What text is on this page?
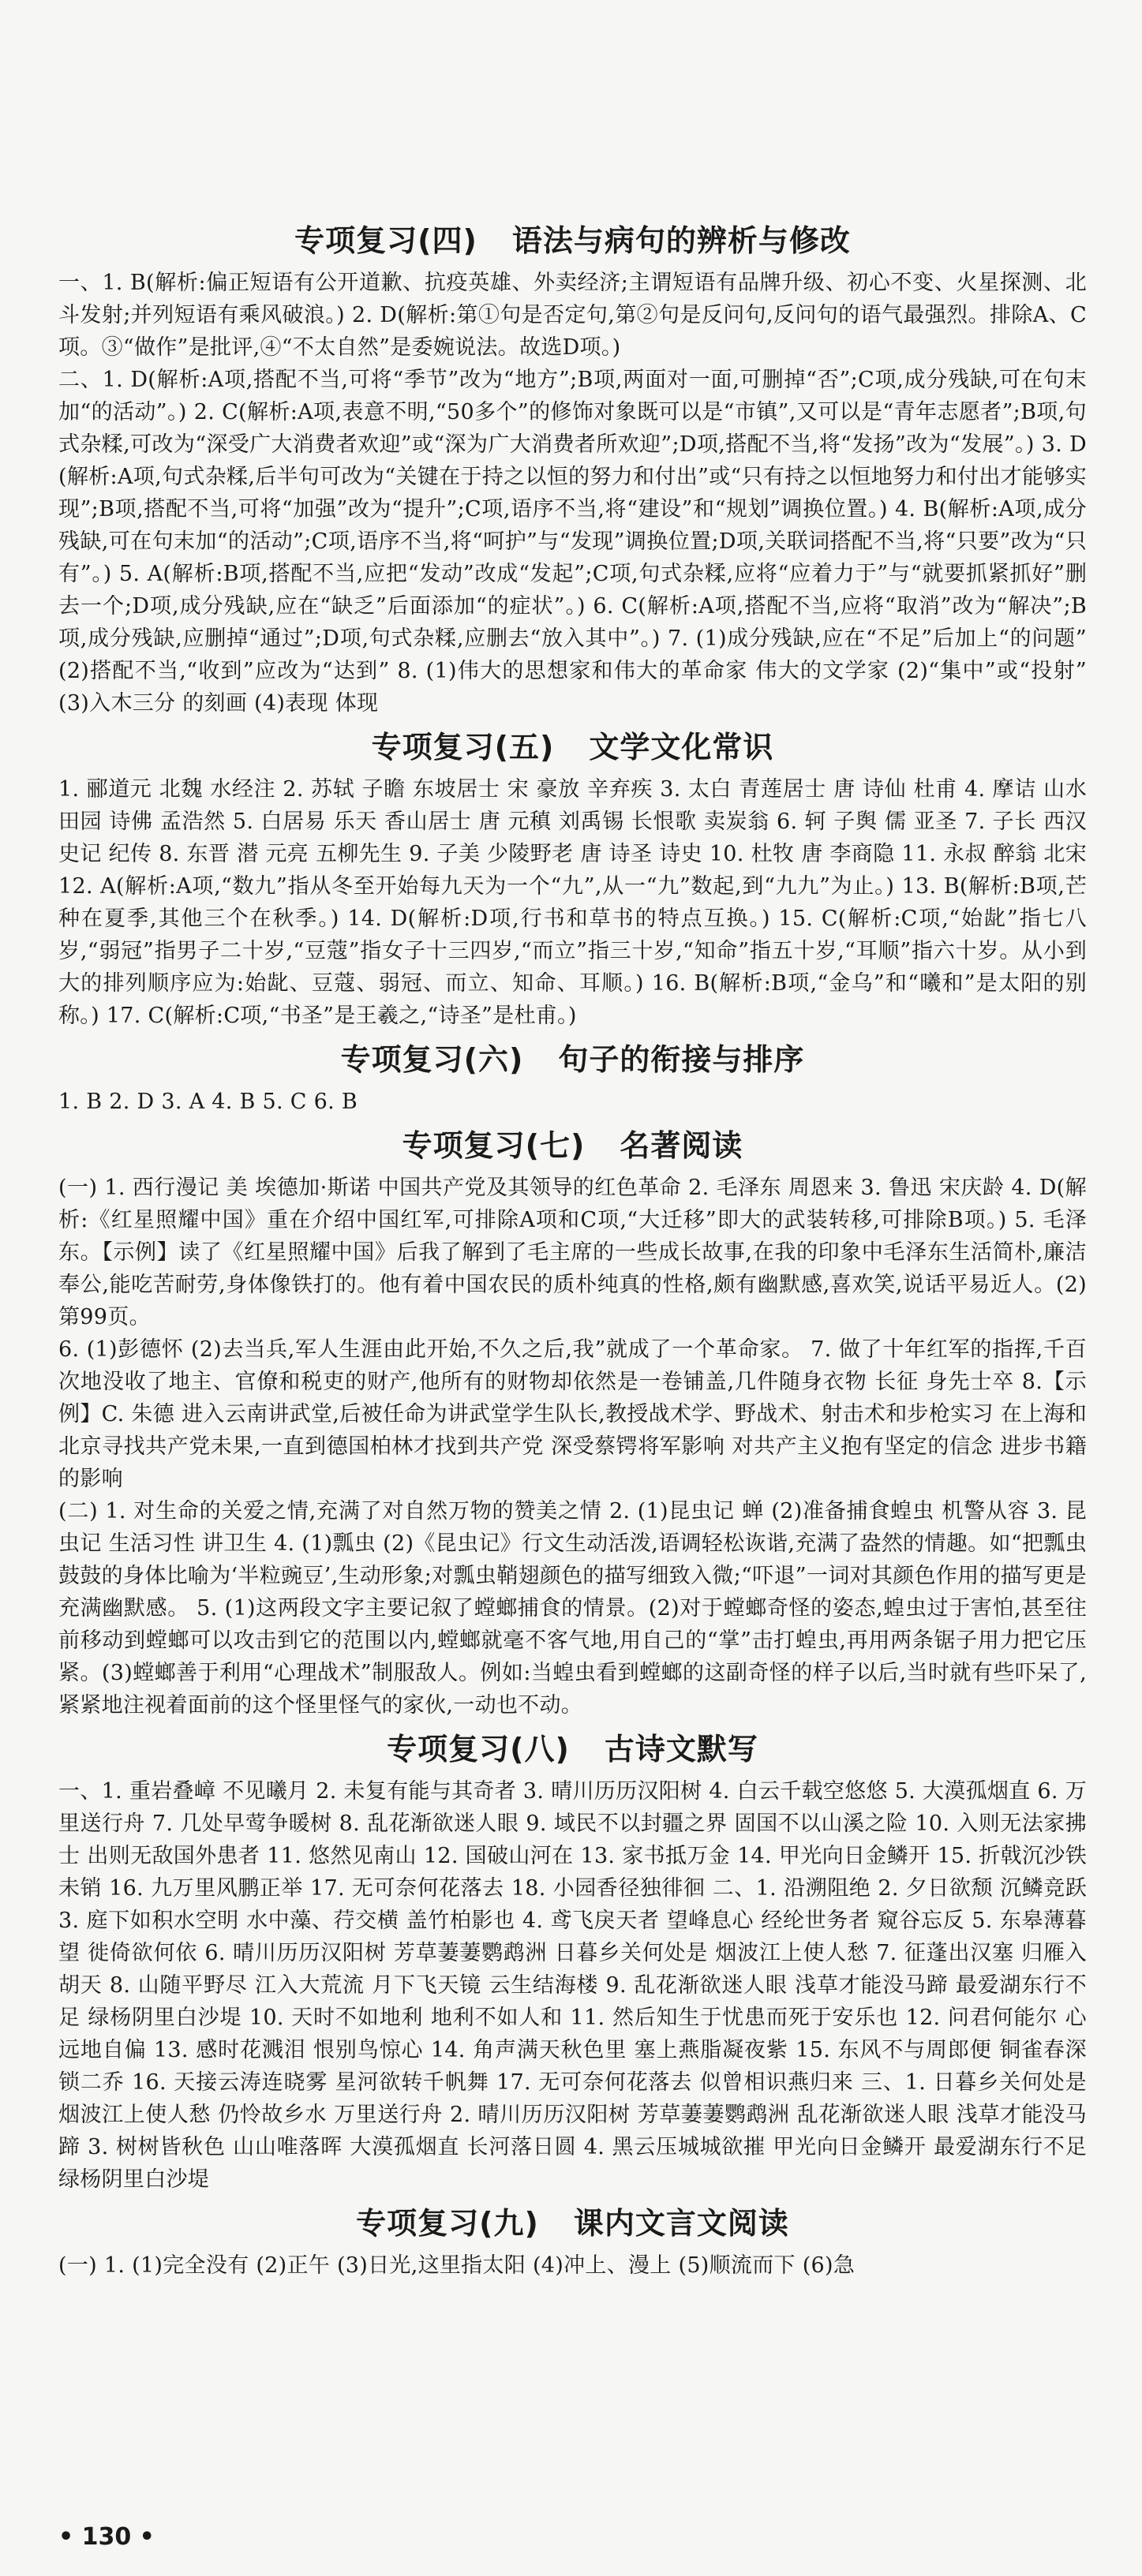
专项复习(四) 语法与病句的辨析与修改

一、1. B(解析:偏正短语有公开道歉、抗疫英雄、外卖经济;主谓短语有品牌升级、初心不变、火星探测、北斗发射;并列短语有乘风破浪。) 2. D(解析:第①句是否定句,第②句是反问句,反问句的语气最强烈。排除A、C项。③“做作”是批评,④“不太自然”是委婉说法。故选D项。)

二、1. D(解析:A项,搭配不当,可将“季节”改为“地方”;B项,两面对一面,可删掉“否”;C项,成分残缺,可在句末加“的活动”。) 2. C(解析:A项,表意不明,“50多个”的修饰对象既可以是“市镇”,又可以是“青年志愿者”;B项,句式杂糅,可改为“深受广大消费者欢迎”或“深为广大消费者所欢迎”;D项,搭配不当,将“发扬”改为“发展”。) 3. D(解析:A项,句式杂糅,后半句可改为“关键在于持之以恒的努力和付出”或“只有持之以恒地努力和付出才能够实现”;B项,搭配不当,可将“加强”改为“提升”;C项,语序不当,将“建设”和“规划”调换位置。) 4. B(解析:A项,成分残缺,可在句末加“的活动”;C项,语序不当,将“呵护”与“发现”调换位置;D项,关联词搭配不当,将“只要”改为“只有”。) 5. A(解析:B项,搭配不当,应把“发动”改成“发起”;C项,句式杂糅,应将“应着力于”与“就要抓紧抓好”删去一个;D项,成分残缺,应在“缺乏”后面添加“的症状”。) 6. C(解析:A项,搭配不当,应将“取消”改为“解决”;B项,成分残缺,应删掉“通过”;D项,句式杂糅,应删去“放入其中”。) 7. (1)成分残缺,应在“不足”后加上“的问题” (2)搭配不当,“收到”应改为“达到” 8. (1)伟大的思想家和伟大的革命家 伟大的文学家 (2)“集中”或“投射” (3)入木三分 的刻画 (4)表现 体现

专项复习(五) 文学文化常识

1. 郦道元 北魏 水经注 2. 苏轼 子瞻 东坡居士 宋 豪放 辛弃疾 3. 太白 青莲居士 唐 诗仙 杜甫 4. 摩诘 山水田园 诗佛 孟浩然 5. 白居易 乐天 香山居士 唐 元稹 刘禹锡 长恨歌 卖炭翁 6. 轲 子舆 儒 亚圣 7. 子长 西汉 史记 纪传 8. 东晋 潜 元亮 五柳先生 9. 子美 少陵野老 唐 诗圣 诗史 10. 杜牧 唐 李商隐 11. 永叔 醉翁 北宋 12. A(解析:A项,“数九”指从冬至开始每九天为一个“九”,从一“九”数起,到“九九”为止。) 13. B(解析:B项,芒种在夏季,其他三个在秋季。) 14. D(解析:D项,行书和草书的特点互换。) 15. C(解析:C项,“始龀”指七八岁,“弱冠”指男子二十岁,“豆蔻”指女子十三四岁,“而立”指三十岁,“知命”指五十岁,“耳顺”指六十岁。从小到大的排列顺序应为:始龀、豆蔻、弱冠、而立、知命、耳顺。) 16. B(解析:B项,“金乌”和“曦和”是太阳的别称。) 17. C(解析:C项,“书圣”是王羲之,“诗圣”是杜甫。)

专项复习(六) 句子的衔接与排序

1. B 2. D 3. A 4. B 5. C 6. B

专项复习(七) 名著阅读

(一) 1. 西行漫记 美 埃德加·斯诺 中国共产党及其领导的红色革命 2. 毛泽东 周恩来 3. 鲁迅 宋庆龄 4. D(解析:《红星照耀中国》重在介绍中国红军,可排除A项和C项,“大迁移”即大的武装转移,可排除B项。) 5. 毛泽东。【示例】读了《红星照耀中国》后我了解到了毛主席的一些成长故事,在我的印象中毛泽东生活简朴,廉洁奉公,能吃苦耐劳,身体像铁打的。他有着中国农民的质朴纯真的性格,颇有幽默感,喜欢笑,说话平易近人。(2)第99页。

6. (1)彭德怀 (2)去当兵,军人生涯由此开始,不久之后,我”就成了一个革命家。 7. 做了十年红军的指挥,千百次地没收了地主、官僚和税吏的财产,他所有的财物却依然是一卷铺盖,几件随身衣物 长征 身先士卒 8.【示例】C. 朱德 进入云南讲武堂,后被任命为讲武堂学生队长,教授战术学、野战术、射击术和步枪实习 在上海和北京寻找共产党未果,一直到德国柏林才找到共产党 深受蔡锷将军影响 对共产主义抱有坚定的信念 进步书籍的影响

(二) 1. 对生命的关爱之情,充满了对自然万物的赞美之情 2. (1)昆虫记 蝉 (2)准备捕食蝗虫 机警从容 3. 昆虫记 生活习性 讲卫生 4. (1)瓢虫 (2)《昆虫记》行文生动活泼,语调轻松诙谐,充满了盎然的情趣。如“把瓢虫鼓鼓的身体比喻为‘半粒豌豆’,生动形象;对瓢虫鞘翅颜色的描写细致入微;“吓退”一词对其颜色作用的描写更是充满幽默感。 5. (1)这两段文字主要记叙了螳螂捕食的情景。(2)对于螳螂奇怪的姿态,蝗虫过于害怕,甚至往前移动到螳螂可以攻击到它的范围以内,螳螂就毫不客气地,用自己的“掌”击打蝗虫,再用两条锯子用力把它压紧。(3)螳螂善于利用“心理战术”制服敌人。例如:当蝗虫看到螳螂的这副奇怪的样子以后,当时就有些吓呆了,紧紧地注视着面前的这个怪里怪气的家伙,一动也不动。

专项复习(八) 古诗文默写

一、1. 重岩叠嶂 不见曦月 2. 未复有能与其奇者 3. 晴川历历汉阳树 4. 白云千载空悠悠 5. 大漠孤烟直 6. 万里送行舟 7. 几处早莺争暖树 8. 乱花渐欲迷人眼 9. 域民不以封疆之界 固国不以山溪之险 10. 入则无法家拂士 出则无敌国外患者 11. 悠然见南山 12. 国破山河在 13. 家书抵万金 14. 甲光向日金鳞开 15. 折戟沉沙铁未销 16. 九万里风鹏正举 17. 无可奈何花落去 18. 小园香径独徘徊 二、1. 沿溯阻绝 2. 夕日欲颓 沉鳞竞跃 3. 庭下如积水空明 水中藻、荇交横 盖竹柏影也 4. 鸢飞戾天者 望峰息心 经纶世务者 窥谷忘反 5. 东皋薄暮望 徙倚欲何依 6. 晴川历历汉阳树 芳草萋萋鹦鹉洲 日暮乡关何处是 烟波江上使人愁 7. 征蓬出汉塞 归雁入胡天 8. 山随平野尽 江入大荒流 月下飞天镜 云生结海楼 9. 乱花渐欲迷人眼 浅草才能没马蹄 最爱湖东行不足 绿杨阴里白沙堤 10. 天时不如地利 地利不如人和 11. 然后知生于忧患而死于安乐也 12. 问君何能尔 心远地自偏 13. 感时花溅泪 恨别鸟惊心 14. 角声满天秋色里 塞上燕脂凝夜紫 15. 东风不与周郎便 铜雀春深锁二乔 16. 天接云涛连晓雾 星河欲转千帆舞 17. 无可奈何花落去 似曾相识燕归来 三、1. 日暮乡关何处是 烟波江上使人愁 仍怜故乡水 万里送行舟 2. 晴川历历汉阳树 芳草萋萋鹦鹉洲 乱花渐欲迷人眼 浅草才能没马蹄 3. 树树皆秋色 山山唯落晖 大漠孤烟直 长河落日圆 4. 黑云压城城欲摧 甲光向日金鳞开 最爱湖东行不足 绿杨阴里白沙堤

专项复习(九) 课内文言文阅读

(一) 1. (1)完全没有 (2)正午 (3)日光,这里指太阳 (4)冲上、漫上 (5)顺流而下 (6)急

• 130 •
